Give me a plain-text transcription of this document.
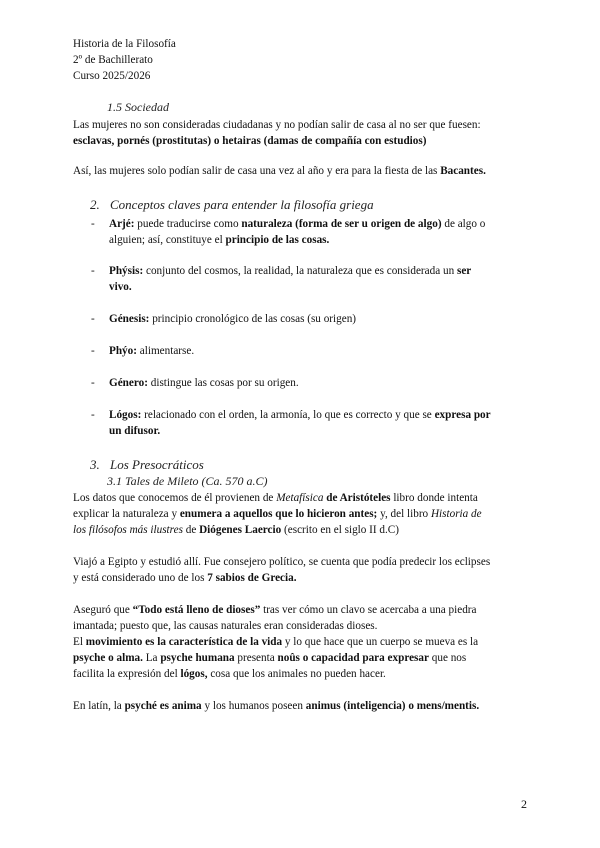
Historia de la Filosofía
2º de Bachillerato
Curso 2025/2026
1.5 Sociedad
Las mujeres no son consideradas ciudadanas y no podían salir de casa al no ser que fuesen:
esclavas, pornés (prostitutas) o hetairas (damas de compañía con estudios)
Así, las mujeres solo podían salir de casa una vez al año y era para la fiesta de las Bacantes.
2. Conceptos claves para entender la filosofía griega
- Arjé: puede traducirse como naturaleza (forma de ser u origen de algo) de algo o
alguien; así, constituye el principio de las cosas.
- Phýsis: conjunto del cosmos, la realidad, la naturaleza que es considerada un ser
vivo.
- Génesis: principio cronológico de las cosas (su origen)
- Phýo: alimentarse.
- Género: distingue las cosas por su origen.
- Lógos: relacionado con el orden, la armonía, lo que es correcto y que se expresa por
un difusor.
3. Los Presocráticos
3.1 Tales de Mileto (Ca. 570 a.C)
Los datos que conocemos de él provienen de Metafísica de Aristóteles libro donde intenta
explicar la naturaleza y enumera a aquellos que lo hicieron antes; y, del libro Historia de
los filósofos más ilustres de Diógenes Laercio (escrito en el siglo II d.C)
Viajó a Egipto y estudió allí. Fue consejero político, se cuenta que podía predecir los eclipses
y está considerado uno de los 7 sabios de Grecia.
Aseguró que “Todo está lleno de dioses” tras ver cómo un clavo se acercaba a una piedra
imantada; puesto que, las causas naturales eran consideradas dioses.
El movimiento es la característica de la vida y lo que hace que un cuerpo se mueva es la
psyche o alma. La psyche humana presenta noûs o capacidad para expresar que nos
facilita la expresión del lógos, cosa que los animales no pueden hacer.
En latín, la psyché es anima y los humanos poseen animus (inteligencia) o mens/mentis.
2
